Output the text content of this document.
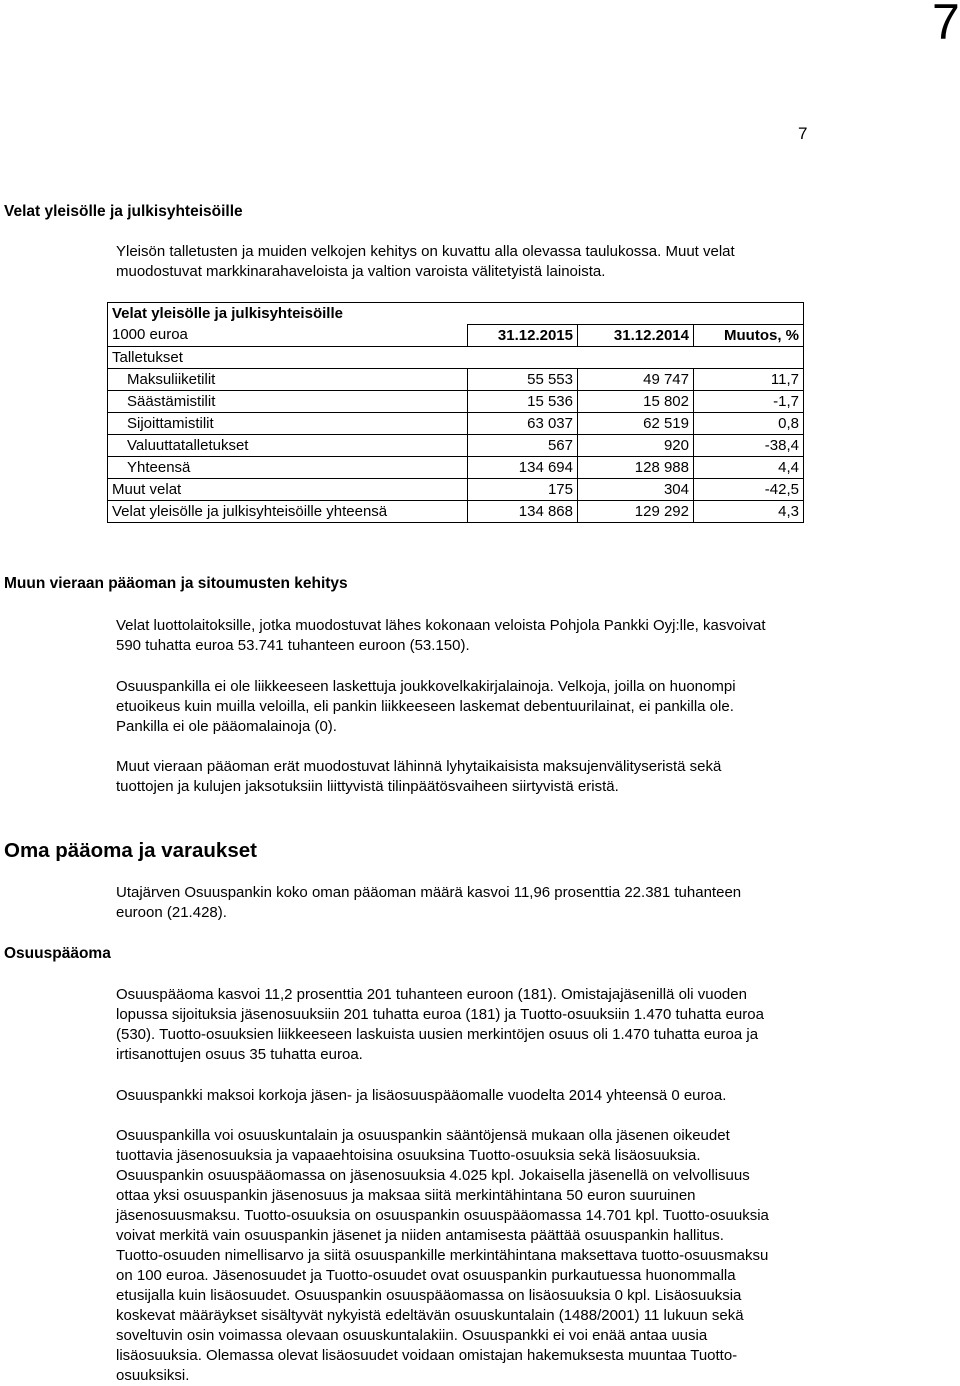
7
7
Velat yleisölle ja julkisyhteisöille

Yleisön talletusten ja muiden velkojen kehitys on kuvattu alla olevassa taulukossa. Muut velat

muodostuvat markkinarahaveloista ja valtion varoista välitetyistä lainoista.

Velat yleisölle ja julkisyhteisöille			
1000 euroa	31.12.2015	31.12.2014	Muutos, %
Talletukset			
Maksuliiketilit	55 553	49 747	11,7
Säästämistilit	15 536	15 802	-1,7
Sijoittamistilit	63 037	62 519	0,8
Valuuttatalletukset	567	920	-38,4
Yhteensä	134 694	128 988	4,4
Muut velat	175	304	-42,5
Velat yleisölle ja julkisyhteisöille yhteensä	134 868	129 292	4,3
Muun vieraan pääoman ja sitoumusten kehitys

Velat luottolaitoksille, jotka muodostuvat lähes kokonaan veloista Pohjola Pankki Oyj:lle, kasvoivat

590 tuhatta euroa 53.741 tuhanteen euroon (53.150).

Osuuspankilla ei ole liikkeeseen laskettuja joukkovelkakirjalainoja. Velkoja, joilla on huonompi

etuoikeus kuin muilla veloilla, eli pankin liikkeeseen laskemat debentuurilainat, ei pankilla ole.

Pankilla ei ole pääomalainoja (0).

Muut vieraan pääoman erät muodostuvat lähinnä lyhytaikaisista maksujenvälityseristä sekä

tuottojen ja kulujen jaksotuksiin liittyvistä tilinpäätösvaiheen siirtyvistä eristä.

Oma pääoma ja varaukset
Osuuspääoma

Utajärven Osuuspankin koko oman pääoman määrä kasvoi 11,96 prosenttia 22.381 tuhanteen

euroon (21.428).

Osuuspääoma kasvoi 11,2 prosenttia 201 tuhanteen euroon (181). Omistajajäsenillä oli vuoden

lopussa sijoituksia jäsenosuuksiin 201 tuhatta euroa (181) ja Tuotto-osuuksiin 1.470 tuhatta euroa

(530). Tuotto-osuuksien liikkeeseen laskuista uusien merkintöjen osuus oli 1.470 tuhatta euroa ja

irtisanottujen osuus 35 tuhatta euroa.

Osuuspankki maksoi korkoja jäsen- ja lisäosuuspääomalle vuodelta 2014 yhteensä 0 euroa.

Osuuspankilla voi osuuskuntalain ja osuuspankin sääntöjensä mukaan olla jäsenen oikeudet

tuottavia jäsenosuuksia ja vapaaehtoisina osuuksina Tuotto-osuuksia sekä lisäosuuksia.

Osuuspankin osuuspääomassa on jäsenosuuksia 4.025 kpl. Jokaisella jäsenellä on velvollisuus

ottaa yksi osuuspankin jäsenosuus ja maksaa siitä merkintähintana 50 euron suuruinen

jäsenosuusmaksu. Tuotto-osuuksia on osuuspankin osuuspääomassa 14.701 kpl. Tuotto-osuuksia

voivat merkitä vain osuuspankin jäsenet ja niiden antamisesta päättää osuuspankin hallitus.

Tuotto-osuuden nimellisarvo ja siitä osuuspankille merkintähintana maksettava tuotto-osuusmaksu

on 100 euroa. Jäsenosuudet ja Tuotto-osuudet ovat osuuspankin purkautuessa huonommalla

etusijalla kuin lisäosuudet. Osuuspankin osuuspääomassa on lisäosuuksia 0 kpl. Lisäosuuksia

koskevat määräykset sisältyvät nykyistä edeltävän osuuskuntalain (1488/2001) 11 lukuun sekä

soveltuvin osin voimassa olevaan osuuskuntalakiin. Osuuspankki ei voi enää antaa uusia

lisäosuuksia. Olemassa olevat lisäosuudet voidaan omistajan hakemuksesta muuntaa Tuotto-

osuuksiksi.
